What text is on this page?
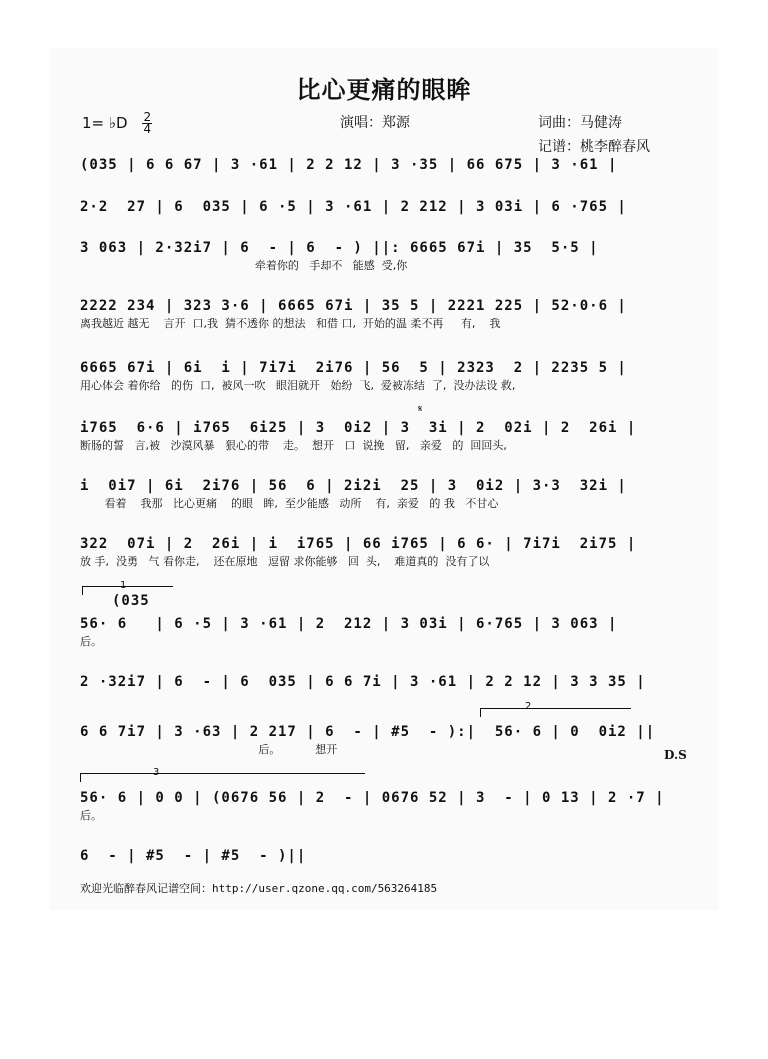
比心更痛的眼眸
1= ♭D $\frac{2}{4}$	演唱：郑源	词曲：马健涛
记谱：桃李醉春风
(035 | 6 6 67 | 3 ·61 | 2 2 12 | 3 ·35 | 66 675 | 3 ·61 |
2·2  27 | 6  035 | 6 ·5 | 3 ·61 | 2 212 | 3 03i | 6 ·765 |
3 063 | 2·32i7 | 6  - | 6  - ) ||: 6665 67i | 35  5·5 |
牵着你的   手却不   能感  受,你
2222 234 | 323 3·6 | 6665 67i | 35 5 | 2221 225 | 52·0·6 |
离我越近 越无    言开  口,我  猜不透你 的想法   和借 口,  开始的温 柔不再     有,    我
6665 67i | 6i  i | 7i7i  2i76 | 56  5 | 2323  2 | 2235 5 |
用心体会 着你给   的伤  口,  被风一吹   眼泪就开   始纷  飞,  爱被冻结  了,  没办法设 救,
𝄋
i765  6·6 | i765  6i25 | 3  0i2 | 3  3i | 2  02i | 2  26i |
断肠的誓   言,被   沙漠风暴   狠心的带    走。  想开   口  说挽   留,   亲爱   的  回回头,
i  0i7 | 6i  2i76 | 56  6 | 2i2i  25 | 3  0i2 | 3·3  32i |
看着    我那   比心更痛    的眼   眸,  至少能感   动所    有,  亲爱   的 我   不甘心
322  07i | 2  26i | i  i765 | 66 i765 | 6 6· | 7i7i  2i75 |
放 手,  没勇   气 看你走,    还在原地   逗留 求你能够   回  头,    难道真的  没有了以
1
(035
56· 6   | 6 ·5 | 3 ·61 | 2  212 | 3 03i | 6·765 | 3 063 |
后。
2 ·32i7 | 6  - | 6  035 | 6 6 7i | 3 ·61 | 2 2 12 | 3 3 35 |
2
6 6 7i7 | 3 ·63 | 2 217 | 6  - | #5  - ):|  56· 6 | 0  0i2 ||
后。          想开	D.S
3
56· 6 | 0 0 | (0676 56 | 2  - | 0676 52 | 3  - | 0 13 | 2 ·7 |
后。
6  - | #5  - | #5  - )||
欢迎光临醉春风记谱空间：http://user.qzone.qq.com/563264185
